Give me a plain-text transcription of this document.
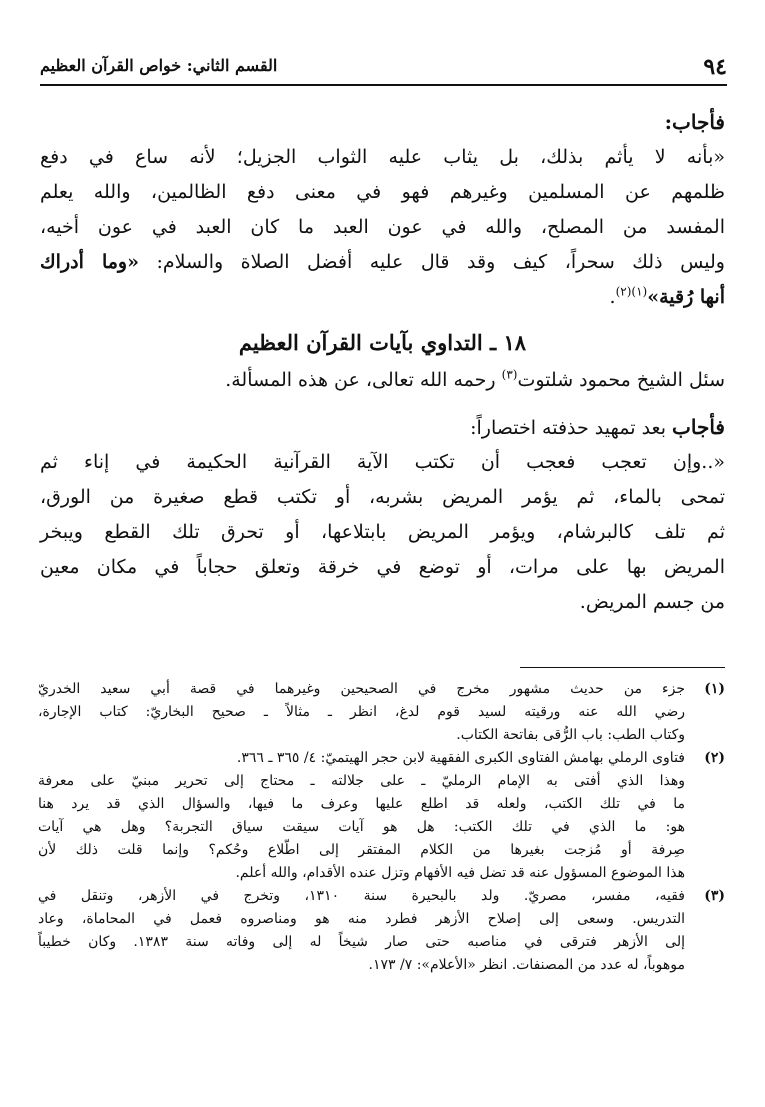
٩٤
القسم الثاني: خواص القرآن العظيم
فأجاب:
«بأنه لا يأثم بذلك، بل يثاب عليه الثواب الجزيل؛ لأنه ساع في دفع
ظلمهم عن المسلمين وغيرهم فهو في معنى دفع الظالمين، والله يعلم
المفسد من المصلح، والله في عون العبد ما كان العبد في عون أخيه،
وليس ذلك سحراً، كيف وقد قال عليه أفضل الصلاة والسلام: «وما أدراك
أنها رُقية»$^{(١)(٢)}$.
١٨ ـ التداوي بآيات القرآن العظيم
سئل الشيخ محمود شلتوت$^{(٣)}$ رحمه الله تعالى، عن هذه المسألة.
فأجاب بعد تمهيد حذفته اختصاراً:
«..وإن تعجب فعجب أن تكتب الآية القرآنية الحكيمة في إناء ثم
تمحى بالماء، ثم يؤمر المريض بشربه، أو تكتب قطع صغيرة من الورق،
ثم تلف كالبرشام، ويؤمر المريض بابتلاعها، أو تحرق تلك القطع ويبخر
المريض بها على مرات، أو توضع في خرقة وتعلق حجاباً في مكان معين
من جسم المريض.
(١)
جزء من حديث مشهور مخرج في الصحيحين وغيرهما في قصة أبي سعيد الخدريّ
رضي الله عنه ورقيته لسيد قوم لدغ، انظر ـ مثالاً ـ صحيح البخاريّ: كتاب الإجارة،
وكتاب الطب: باب الرُّقى بفاتحة الكتاب.
(٢)
فتاوى الرملي بهامش الفتاوى الكبرى الفقهية لابن حجر الهيتميّ: ٤/ ٣٦٥ ـ ٣٦٦.
وهذا الذي أفتى به الإمام الرمليّ ـ على جلالته ـ محتاج إلى تحرير مبنيّ على معرفة
ما في تلك الكتب، ولعله قد اطلع عليها وعرف ما فيها، والسؤال الذي قد يرد هنا
هو: ما الذي في تلك الكتب: هل هو آيات سيقت سياق التجربة؟ وهل هي آيات
صِرفة أو مُزجت بغيرها من الكلام المفتقر إلى اطّلاع وحُكم؟ وإنما قلت ذلك لأن
هذا الموضوع المسؤول عنه قد تضل فيه الأفهام وتزل عنده الأقدام، والله أعلم.
(٣)
فقيه، مفسر، مصريّ. ولد بالبحيرة سنة ١٣١٠، وتخرج في الأزهر، وتنقل في
التدريس. وسعى إلى إصلاح الأزهر فطرد منه هو ومناصروه فعمل في المحاماة، وعاد
إلى الأزهر فترقى في مناصبه حتى صار شيخاً له إلى وفاته سنة ١٣٨٣. وكان خطيباً
موهوباً، له عدد من المصنفات. انظر «الأعلام»: ٧/ ١٧٣.
